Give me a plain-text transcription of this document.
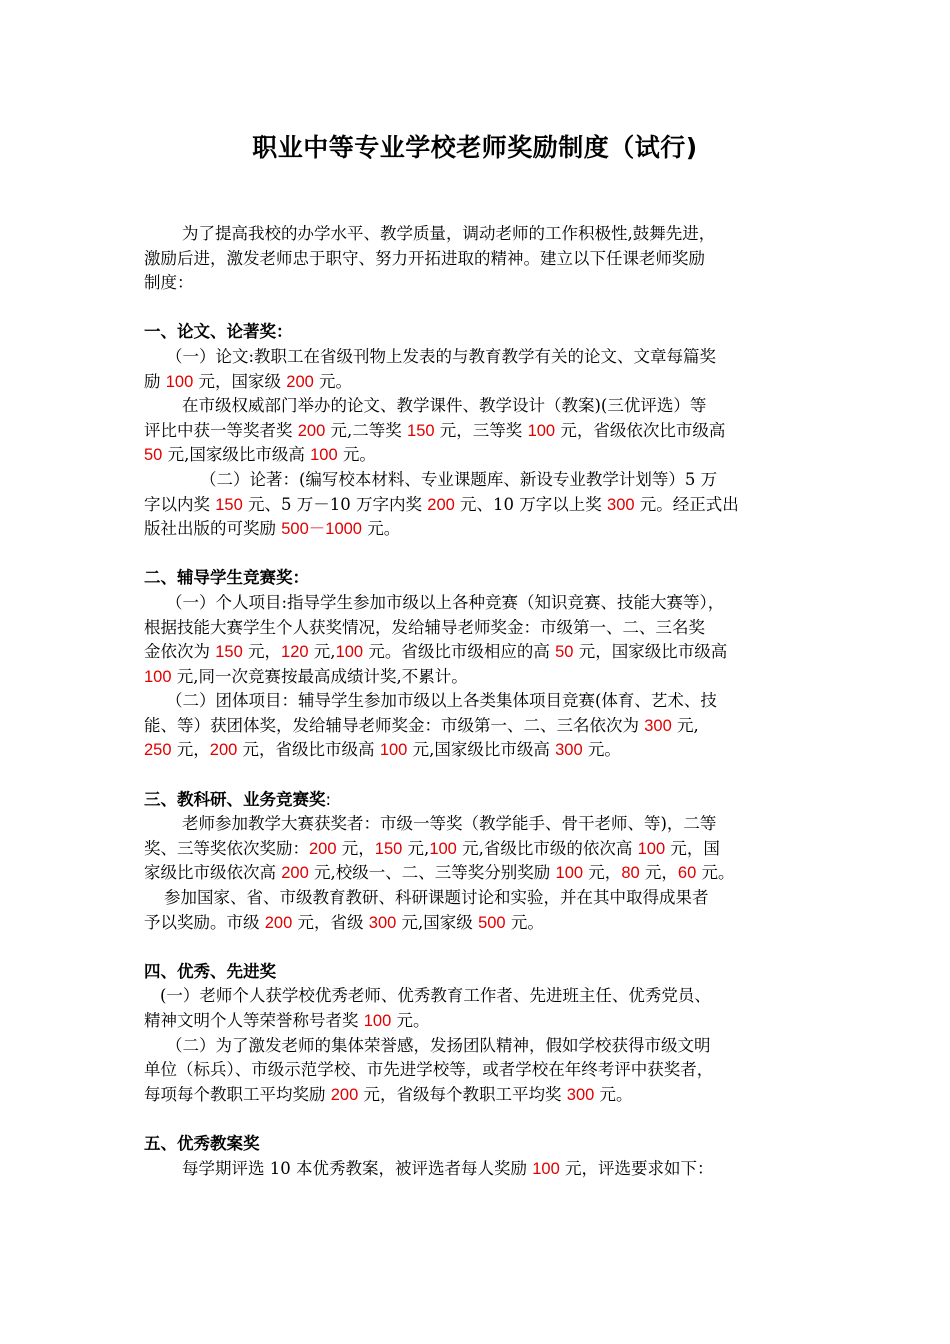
职业中等专业学校老师奖励制度（试行)
为了提高我校的办学水平、教学质量，调动老师的工作积极性,鼓舞先进，
激励后进，激发老师忠于职守、努力开拓进取的精神。建立以下任课老师奖励
制度：
一、论文、论著奖：
（一）论文:教职工在省级刊物上发表的与教育教学有关的论文、文章每篇奖
励 100 元，国家级 200 元。
在市级权威部门举办的论文、教学课件、教学设计（教案)(三优评选）等
评比中获一等奖者奖 200 元,二等奖 150 元，三等奖 100 元，省级依次比市级高
50 元,国家级比市级高 100 元。
（二）论著：(编写校本材料、专业课题库、新设专业教学计划等）5 万
字以内奖 150 元、5 万－10 万字内奖 200 元、10 万字以上奖 300 元。经正式出
版社出版的可奖励 500－1000 元。
二、辅导学生竞赛奖：
（一）个人项目:指导学生参加市级以上各种竞赛（知识竞赛、技能大赛等），
根据技能大赛学生个人获奖情况，发给辅导老师奖金：市级第一、二、三名奖
金依次为 150 元，120 元,100 元。省级比市级相应的高 50 元，国家级比市级高
100 元,同一次竞赛按最高成绩计奖,不累计。
（二）团体项目：辅导学生参加市级以上各类集体项目竞赛(体育、艺术、技
能、等）获团体奖，发给辅导老师奖金：市级第一、二、三名依次为 300 元,
250 元，200 元，省级比市级高 100 元,国家级比市级高 300 元。
三、教科研、业务竞赛奖:
老师参加教学大赛获奖者：市级一等奖（教学能手、骨干老师、等)，二等
奖、三等奖依次奖励：200 元，150 元,100 元,省级比市级的依次高 100 元，国
家级比市级依次高 200 元,校级一、二、三等奖分别奖励 100 元，80 元，60 元。
参加国家、省、市级教育教研、科研课题讨论和实验，并在其中取得成果者
予以奖励。市级 200 元，省级 300 元,国家级 500 元。
四、优秀、先进奖
(一）老师个人获学校优秀老师、优秀教育工作者、先进班主任、优秀党员、
精神文明个人等荣誉称号者奖 100 元。
（二）为了激发老师的集体荣誉感，发扬团队精神，假如学校获得市级文明
单位（标兵）、市级示范学校、市先进学校等，或者学校在年终考评中获奖者，
每项每个教职工平均奖励 200 元，省级每个教职工平均奖 300 元。
五、优秀教案奖
每学期评选 10 本优秀教案，被评选者每人奖励 100 元，评选要求如下：
